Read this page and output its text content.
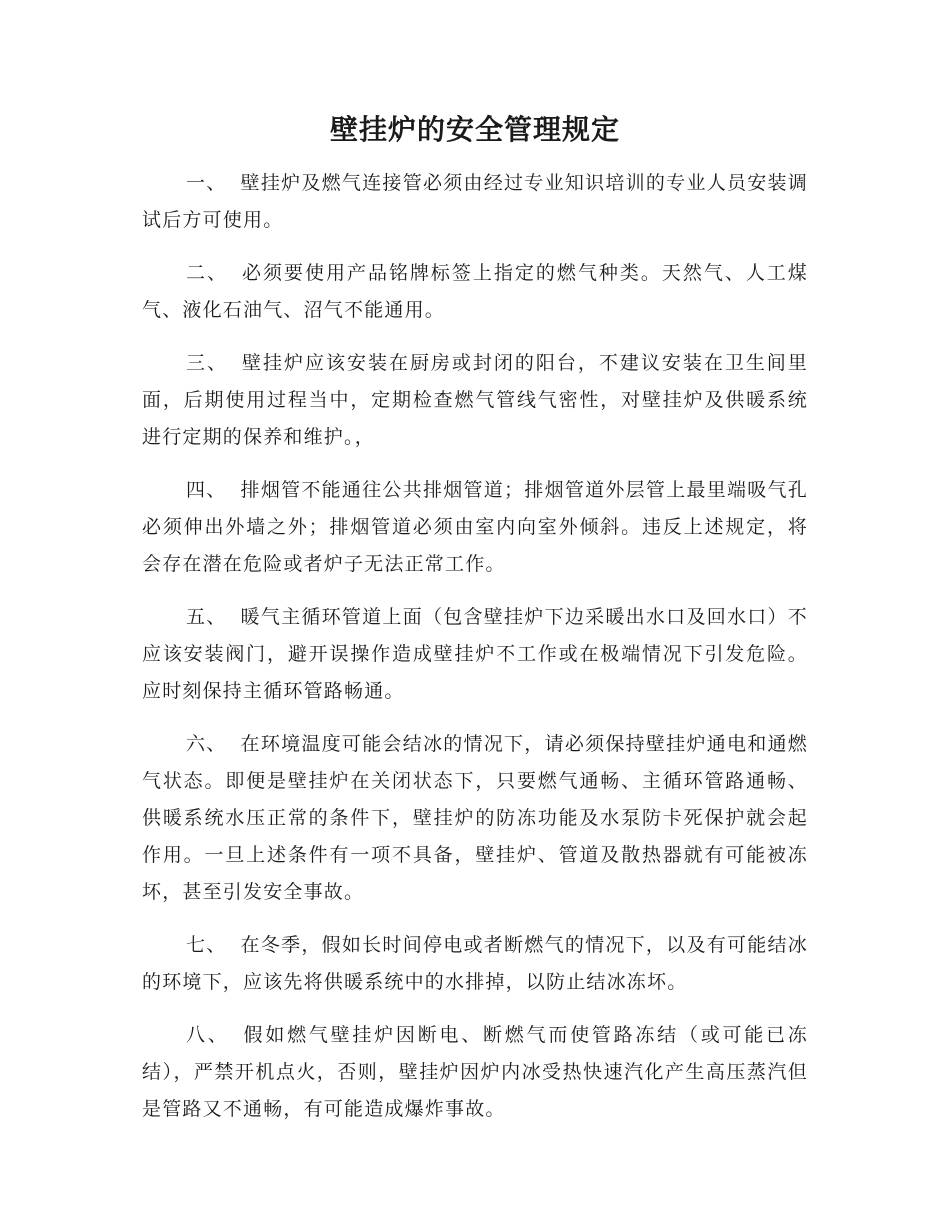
壁挂炉的安全管理规定

一、 壁挂炉及燃气连接管必须由经过专业知识培训的专业人员安装调试后方可使用。

二、 必须要使用产品铭牌标签上指定的燃气种类。天然气、人工煤气、液化石油气、沼气不能通用。

三、 壁挂炉应该安装在厨房或封闭的阳台，不建议安装在卫生间里面，后期使用过程当中，定期检查燃气管线气密性，对壁挂炉及供暖系统进行定期的保养和维护。，

四、 排烟管不能通往公共排烟管道；排烟管道外层管上最里端吸气孔必须伸出外墙之外；排烟管道必须由室内向室外倾斜。违反上述规定，将会存在潜在危险或者炉子无法正常工作。

五、 暖气主循环管道上面（包含壁挂炉下边采暖出水口及回水口）不应该安装阀门，避开误操作造成壁挂炉不工作或在极端情况下引发危险。应时刻保持主循环管路畅通。

六、 在环境温度可能会结冰的情况下，请必须保持壁挂炉通电和通燃气状态。即便是壁挂炉在关闭状态下，只要燃气通畅、主循环管路通畅、供暖系统水压正常的条件下，壁挂炉的防冻功能及水泵防卡死保护就会起作用。一旦上述条件有一项不具备，壁挂炉、管道及散热器就有可能被冻坏，甚至引发安全事故。

七、 在冬季，假如长时间停电或者断燃气的情况下，以及有可能结冰的环境下，应该先将供暖系统中的水排掉，以防止结冰冻坏。

八、 假如燃气壁挂炉因断电、断燃气而使管路冻结（或可能已冻结），严禁开机点火，否则，壁挂炉因炉内冰受热快速汽化产生高压蒸汽但是管路又不通畅，有可能造成爆炸事故。
